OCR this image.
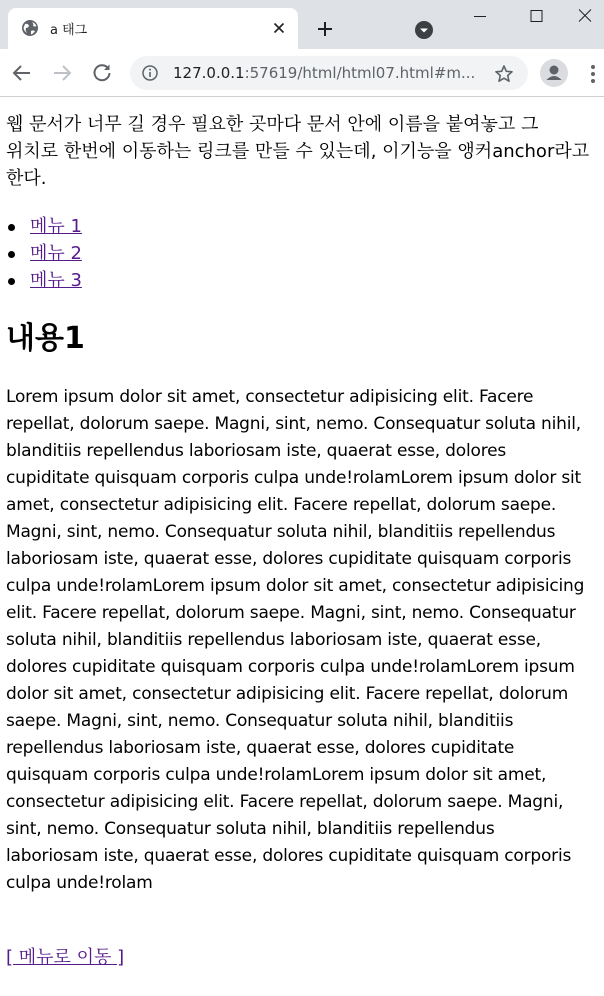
a 태그
127.0.0.1:57619/html/html07.html#m...

웹 문서가 너무 길 경우 필요한 곳마다 문서 안에 이름을 붙여놓고 그 위치로 한번에 이동하는 링크를 만들 수 있는데, 이기능을 앵커anchor라고 한다.

메뉴 1
메뉴 2
메뉴 3
내용1

Lorem ipsum dolor sit amet, consectetur adipisicing elit. Facere repellat, dolorum saepe. Magni, sint, nemo. Consequatur soluta nihil, blanditiis repellendus laboriosam iste, quaerat esse, dolores cupiditate quisquam corporis culpa unde!rolamLorem ipsum dolor sit amet, consectetur adipisicing elit. Facere repellat, dolorum saepe. Magni, sint, nemo. Consequatur soluta nihil, blanditiis repellendus laboriosam iste, quaerat esse, dolores cupiditate quisquam corporis culpa unde!rolamLorem ipsum dolor sit amet, consectetur adipisicing elit. Facere repellat, dolorum saepe. Magni, sint, nemo. Consequatur soluta nihil, blanditiis repellendus laboriosam iste, quaerat esse, dolores cupiditate quisquam corporis culpa unde!rolamLorem ipsum dolor sit amet, consectetur adipisicing elit. Facere repellat, dolorum saepe. Magni, sint, nemo. Consequatur soluta nihil, blanditiis repellendus laboriosam iste, quaerat esse, dolores cupiditate quisquam corporis culpa unde!rolamLorem ipsum dolor sit amet, consectetur adipisicing elit. Facere repellat, dolorum saepe. Magni, sint, nemo. Consequatur soluta nihil, blanditiis repellendus laboriosam iste, quaerat esse, dolores cupiditate quisquam corporis culpa unde!rolam

[ 메뉴로 이동 ]
